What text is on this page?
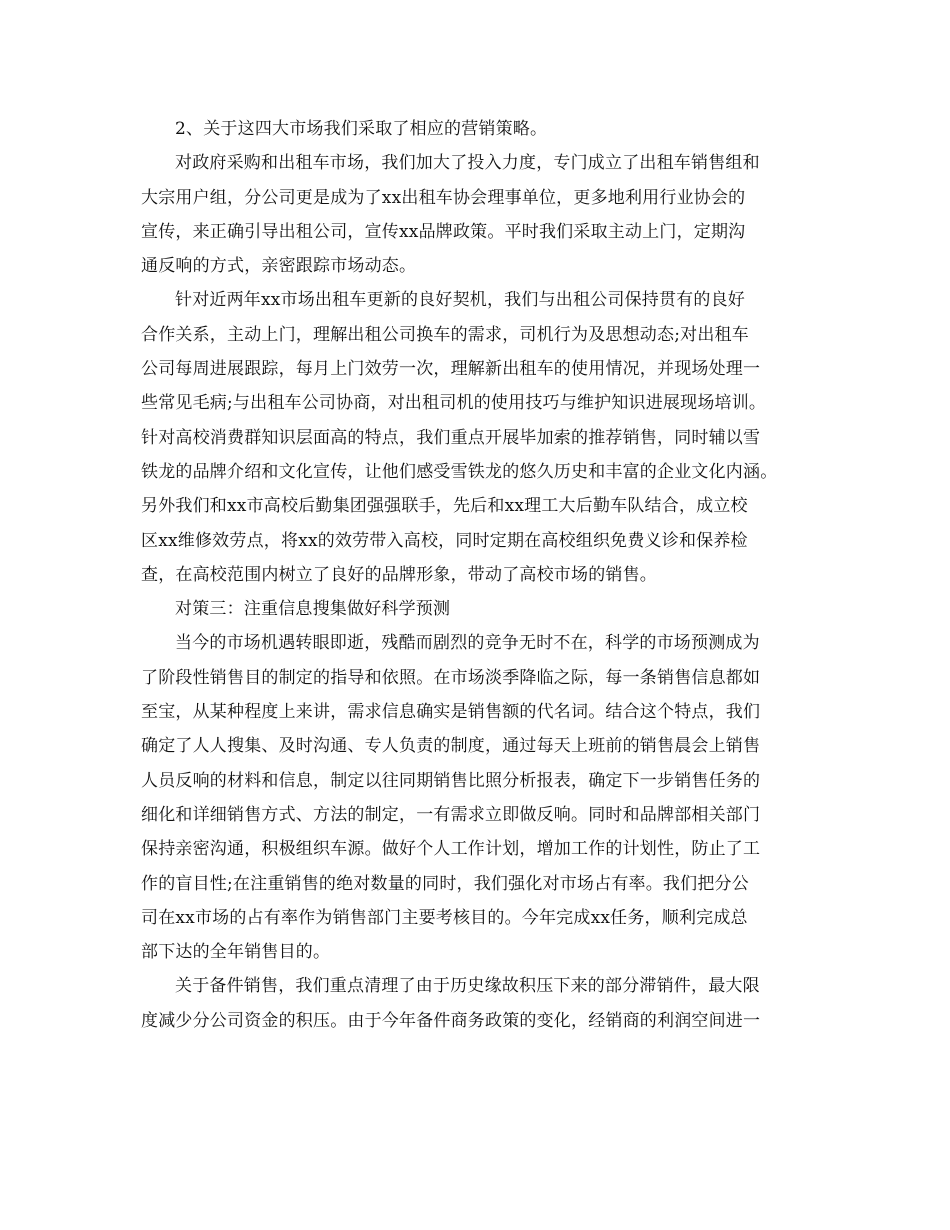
2、关于这四大市场我们采取了相应的营销策略。
对政府采购和出租车市场，我们加大了投入力度，专门成立了出租车销售组和
大宗用户组，分公司更是成为了xx出租车协会理事单位，更多地利用行业协会的
宣传，来正确引导出租公司，宣传xx品牌政策。平时我们采取主动上门，定期沟
通反响的方式，亲密跟踪市场动态。
针对近两年xx市场出租车更新的良好契机，我们与出租公司保持贯有的良好
合作关系，主动上门，理解出租公司换车的需求，司机行为及思想动态;对出租车
公司每周进展跟踪，每月上门效劳一次，理解新出租车的使用情况，并现场处理一
些常见毛病;与出租车公司协商，对出租司机的使用技巧与维护知识进展现场培训。
针对高校消费群知识层面高的特点，我们重点开展毕加索的推荐销售，同时辅以雪
铁龙的品牌介绍和文化宣传，让他们感受雪铁龙的悠久历史和丰富的企业文化内涵。
另外我们和xx市高校后勤集团强强联手，先后和xx理工大后勤车队结合，成立校
区xx维修效劳点，将xx的效劳带入高校，同时定期在高校组织免费义诊和保养检
查，在高校范围内树立了良好的品牌形象，带动了高校市场的销售。
对策三：注重信息搜集做好科学预测
当今的市场机遇转眼即逝，残酷而剧烈的竞争无时不在，科学的市场预测成为
了阶段性销售目的制定的指导和依照。在市场淡季降临之际，每一条销售信息都如
至宝，从某种程度上来讲，需求信息确实是销售额的代名词。结合这个特点，我们
确定了人人搜集、及时沟通、专人负责的制度，通过每天上班前的销售晨会上销售
人员反响的材料和信息，制定以往同期销售比照分析报表，确定下一步销售任务的
细化和详细销售方式、方法的制定，一有需求立即做反响。同时和品牌部相关部门
保持亲密沟通，积极组织车源。做好个人工作计划，增加工作的计划性，防止了工
作的盲目性;在注重销售的绝对数量的同时，我们强化对市场占有率。我们把分公
司在xx市场的占有率作为销售部门主要考核目的。今年完成xx任务，顺利完成总
部下达的全年销售目的。
关于备件销售，我们重点清理了由于历史缘故积压下来的部分滞销件，最大限
度减少分公司资金的积压。由于今年备件商务政策的变化，经销商的利润空间进一
